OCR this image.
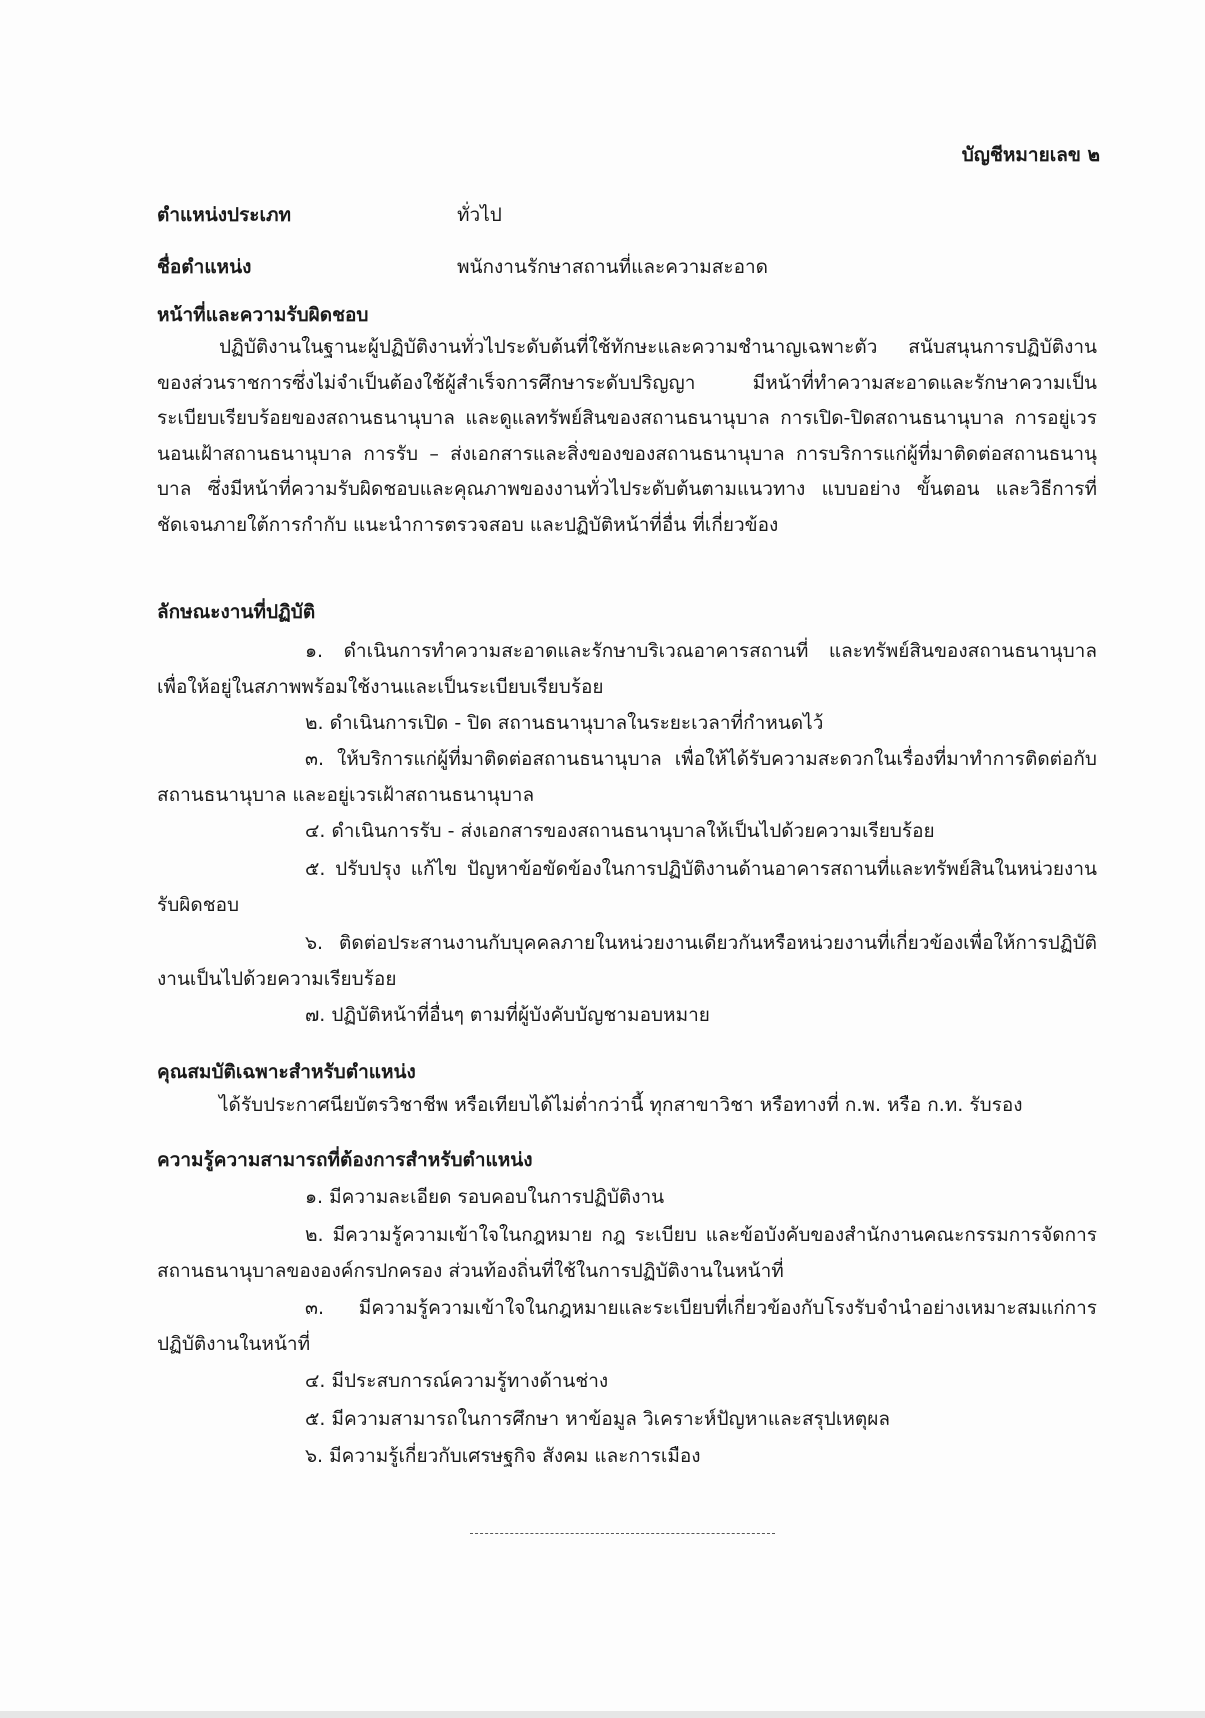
บัญชีหมายเลข ๒
ตำแหน่งประเภท	ทั่วไป
ชื่อตำแหน่ง	พนักงานรักษาสถานที่และความสะอาด
หน้าที่และความรับผิดชอบ
ปฏิบัติงานในฐานะผู้ปฏิบัติงานทั่วไประดับต้นที่ใช้ทักษะและความชำนาญเฉพาะตัว สนับสนุนการปฏิบัติงานของส่วนราชการซึ่งไม่จำเป็นต้องใช้ผู้สำเร็จการศึกษาระดับปริญญา มีหน้าที่ทำความสะอาดและรักษาความเป็นระเบียบเรียบร้อยของสถานธนานุบาล และดูแลทรัพย์สินของสถานธนานุบาล การเปิด-ปิดสถานธนานุบาล การอยู่เวรนอนเฝ้าสถานธนานุบาล การรับ – ส่งเอกสารและสิ่งของของสถานธนานุบาล การบริการแก่ผู้ที่มาติดต่อสถานธนานุบาล ซึ่งมีหน้าที่ความรับผิดชอบและคุณภาพของงานทั่วไประดับต้นตามแนวทาง แบบอย่าง ขั้นตอน และวิธีการที่ชัดเจนภายใต้การกำกับ แนะนำการตรวจสอบ และปฏิบัติหน้าที่อื่น ที่เกี่ยวข้อง
ลักษณะงานที่ปฏิบัติ
๑. ดำเนินการทำความสะอาดและรักษาบริเวณอาคารสถานที่ และทรัพย์สินของสถานธนานุบาลเพื่อให้อยู่ในสภาพพร้อมใช้งานและเป็นระเบียบเรียบร้อย
๒. ดำเนินการเปิด - ปิด สถานธนานุบาลในระยะเวลาที่กำหนดไว้
๓. ให้บริการแก่ผู้ที่มาติดต่อสถานธนานุบาล เพื่อให้ได้รับความสะดวกในเรื่องที่มาทำการติดต่อกับสถานธนานุบาล และอยู่เวรเฝ้าสถานธนานุบาล
๔. ดำเนินการรับ - ส่งเอกสารของสถานธนานุบาลให้เป็นไปด้วยความเรียบร้อย
๕. ปรับปรุง แก้ไข ปัญหาข้อขัดข้องในการปฏิบัติงานด้านอาคารสถานที่และทรัพย์สินในหน่วยงาน รับผิดชอบ
๖. ติดต่อประสานงานกับบุคคลภายในหน่วยงานเดียวกันหรือหน่วยงานที่เกี่ยวข้องเพื่อให้การปฏิบัติงานเป็นไปด้วยความเรียบร้อย
๗. ปฏิบัติหน้าที่อื่นๆ ตามที่ผู้บังคับบัญชามอบหมาย
คุณสมบัติเฉพาะสำหรับตำแหน่ง
ได้รับประกาศนียบัตรวิชาชีพ หรือเทียบได้ไม่ต่ำกว่านี้ ทุกสาขาวิชา หรือทางที่ ก.พ. หรือ ก.ท. รับรอง
ความรู้ความสามารถที่ต้องการสำหรับตำแหน่ง
๑. มีความละเอียด รอบคอบในการปฏิบัติงาน
๒. มีความรู้ความเข้าใจในกฎหมาย กฎ ระเบียบ และข้อบังคับของสำนักงานคณะกรรมการจัดการ สถานธนานุบาลขององค์กรปกครอง ส่วนท้องถิ่นที่ใช้ในการปฏิบัติงานในหน้าที่
๓. มีความรู้ความเข้าใจในกฎหมายและระเบียบที่เกี่ยวข้องกับโรงรับจำนำอย่างเหมาะสมแก่การปฏิบัติงานในหน้าที่
๔. มีประสบการณ์ความรู้ทางด้านช่าง
๕. มีความสามารถในการศึกษา หาข้อมูล วิเคราะห์ปัญหาและสรุปเหตุผล
๖. มีความรู้เกี่ยวกับเศรษฐกิจ สังคม และการเมือง
